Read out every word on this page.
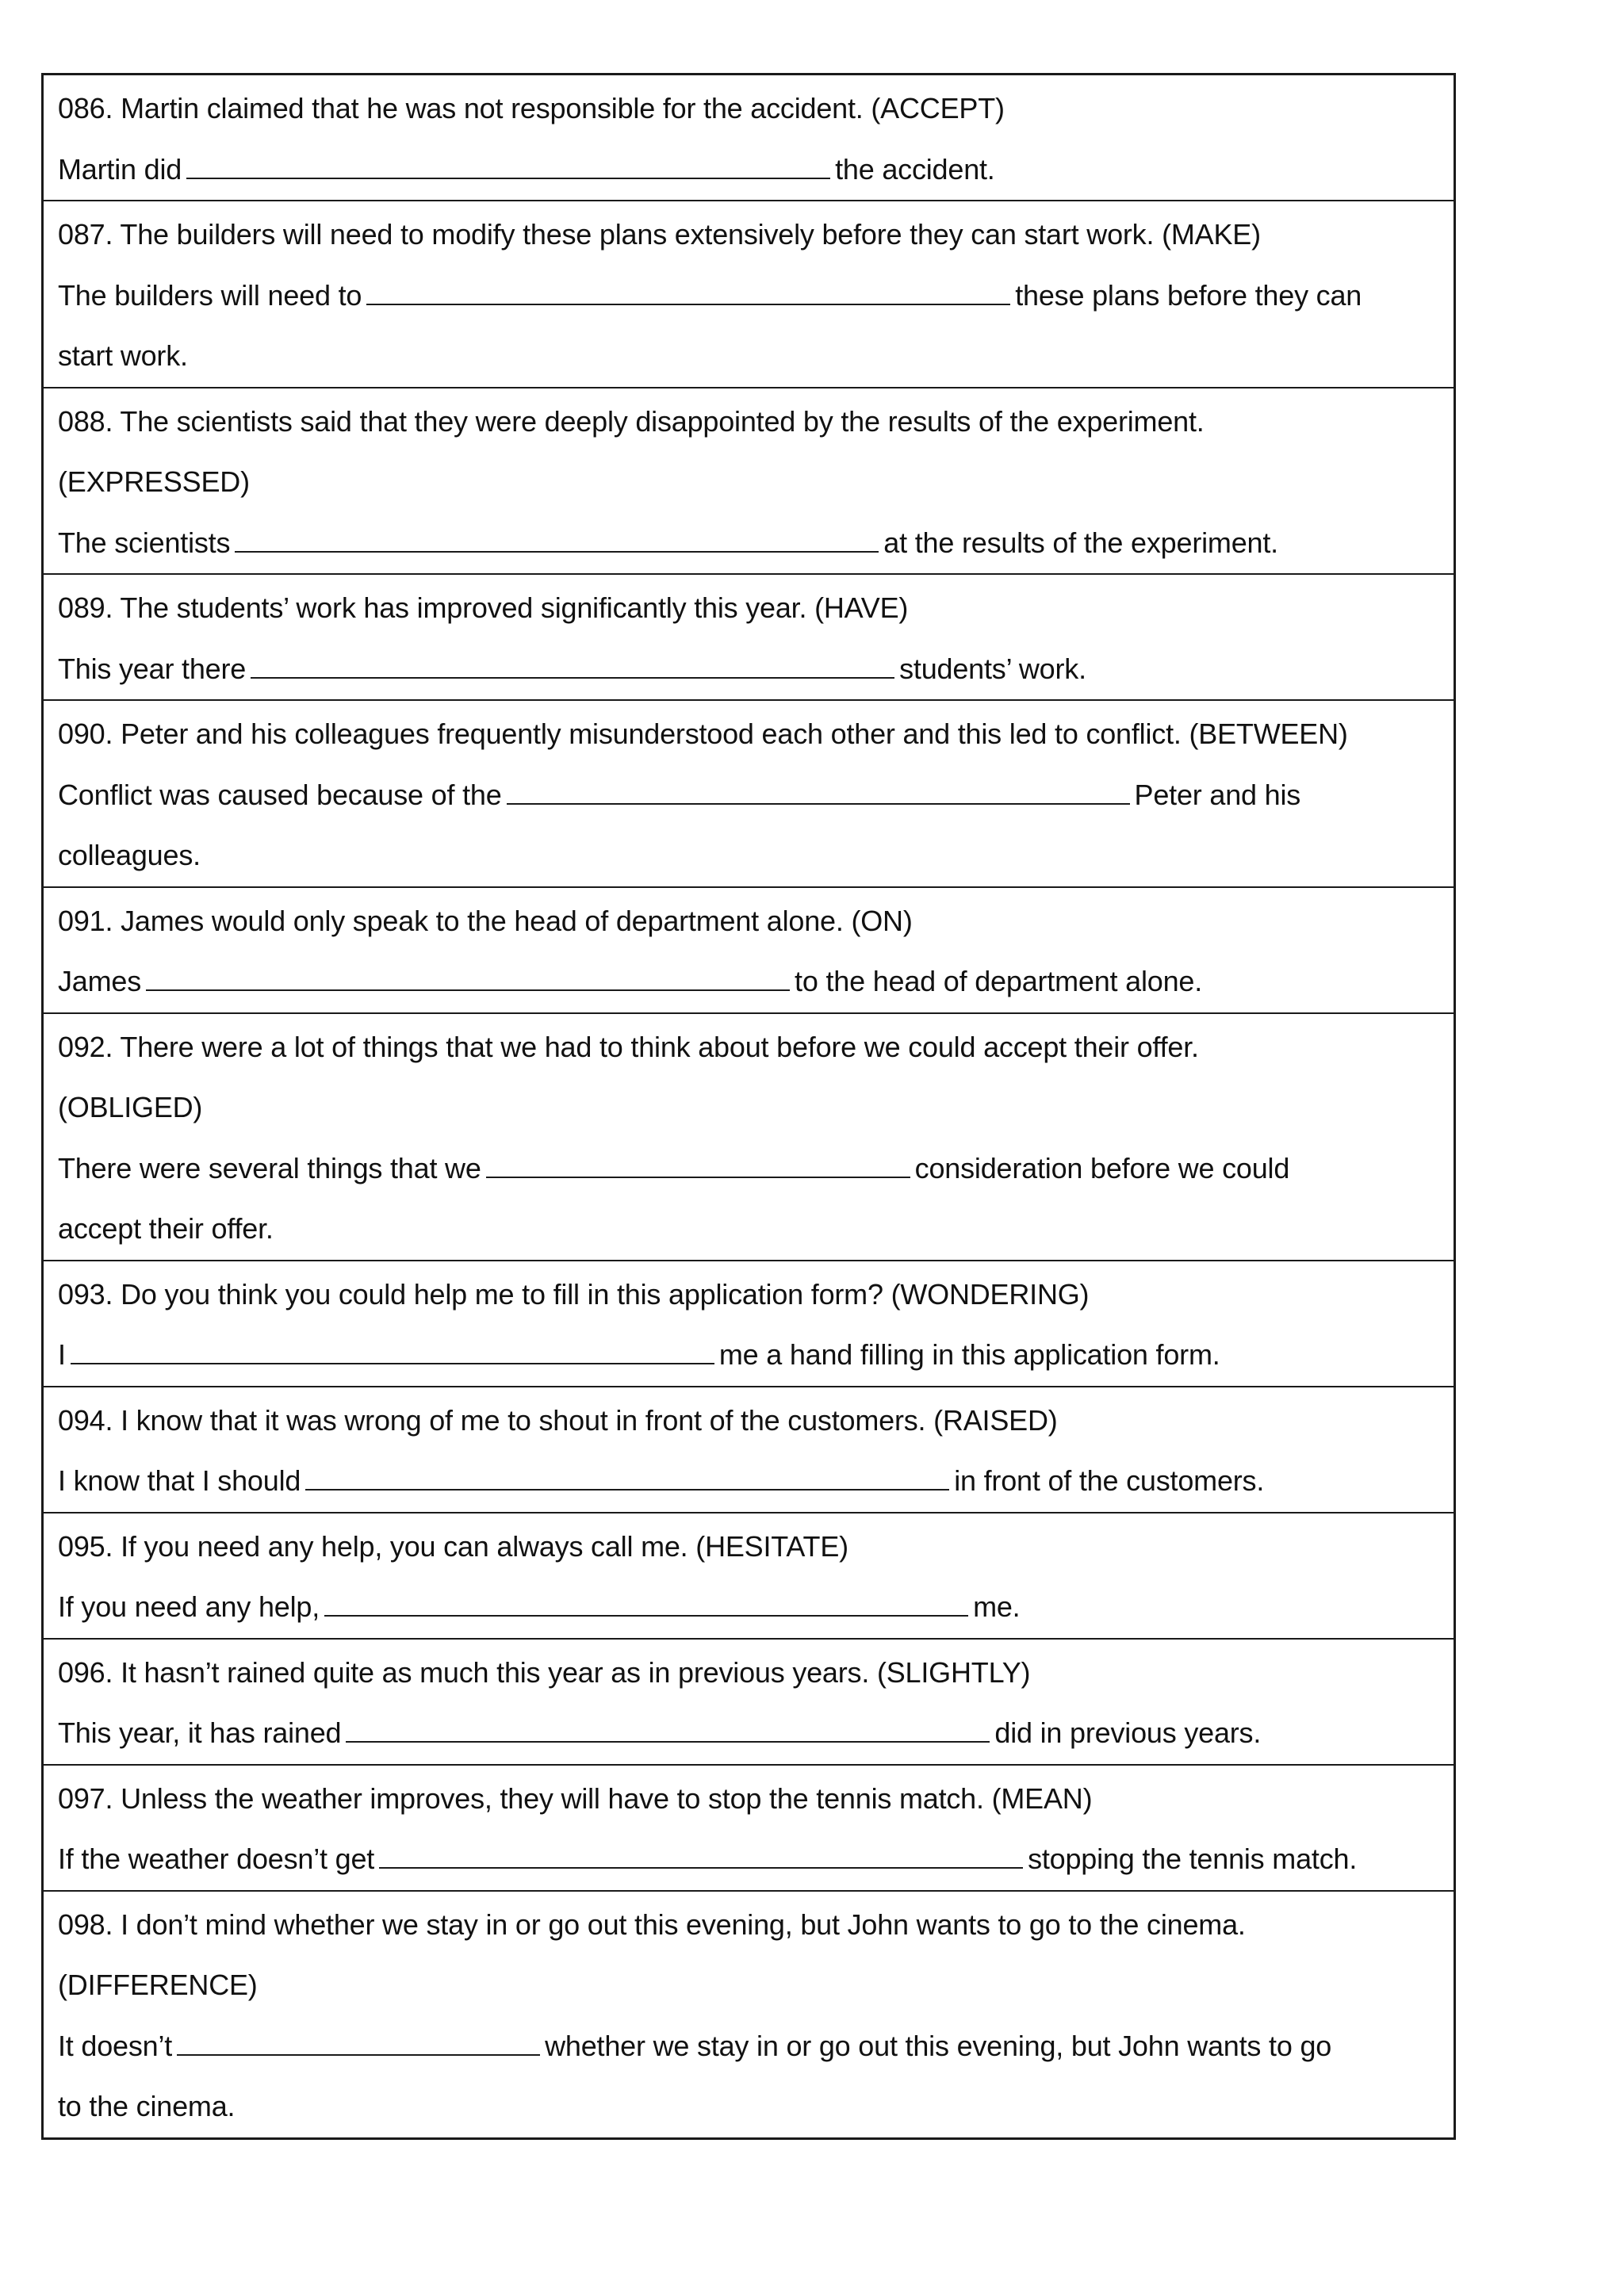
086. Martin claimed that he was not responsible for the accident. (ACCEPT)
Martin did	the accident.
087. The builders will need to modify these plans extensively before they can start work. (MAKE)
The builders will need to	these plans before they can
start work.
088. The scientists said that they were deeply disappointed by the results of the experiment.
(EXPRESSED)
The scientists	at the results of the experiment.
089. The students’ work has improved significantly this year. (HAVE)
This year there	students’ work.
090. Peter and his colleagues frequently misunderstood each other and this led to conflict. (BETWEEN)
Conflict was caused because of the	Peter and his
colleagues.
091. James would only speak to the head of department alone. (ON)
James	to the head of department alone.
092. There were a lot of things that we had to think about before we could accept their offer.
(OBLIGED)
There were several things that we	consideration before we could
accept their offer.
093. Do you think you could help me to fill in this application form? (WONDERING)
I	me a hand filling in this application form.
094. I know that it was wrong of me to shout in front of the customers. (RAISED)
I know that I should	in front of the customers.
095. If you need any help, you can always call me. (HESITATE)
If you need any help,	me.
096. It hasn’t rained quite as much this year as in previous years. (SLIGHTLY)
This year, it has rained	did in previous years.
097. Unless the weather improves, they will have to stop the tennis match. (MEAN)
If the weather doesn’t get	stopping the tennis match.
098. I don’t mind whether we stay in or go out this evening, but John wants to go to the cinema.
(DIFFERENCE)
It doesn’t	whether we stay in or go out this evening, but John wants to go
to the cinema.
